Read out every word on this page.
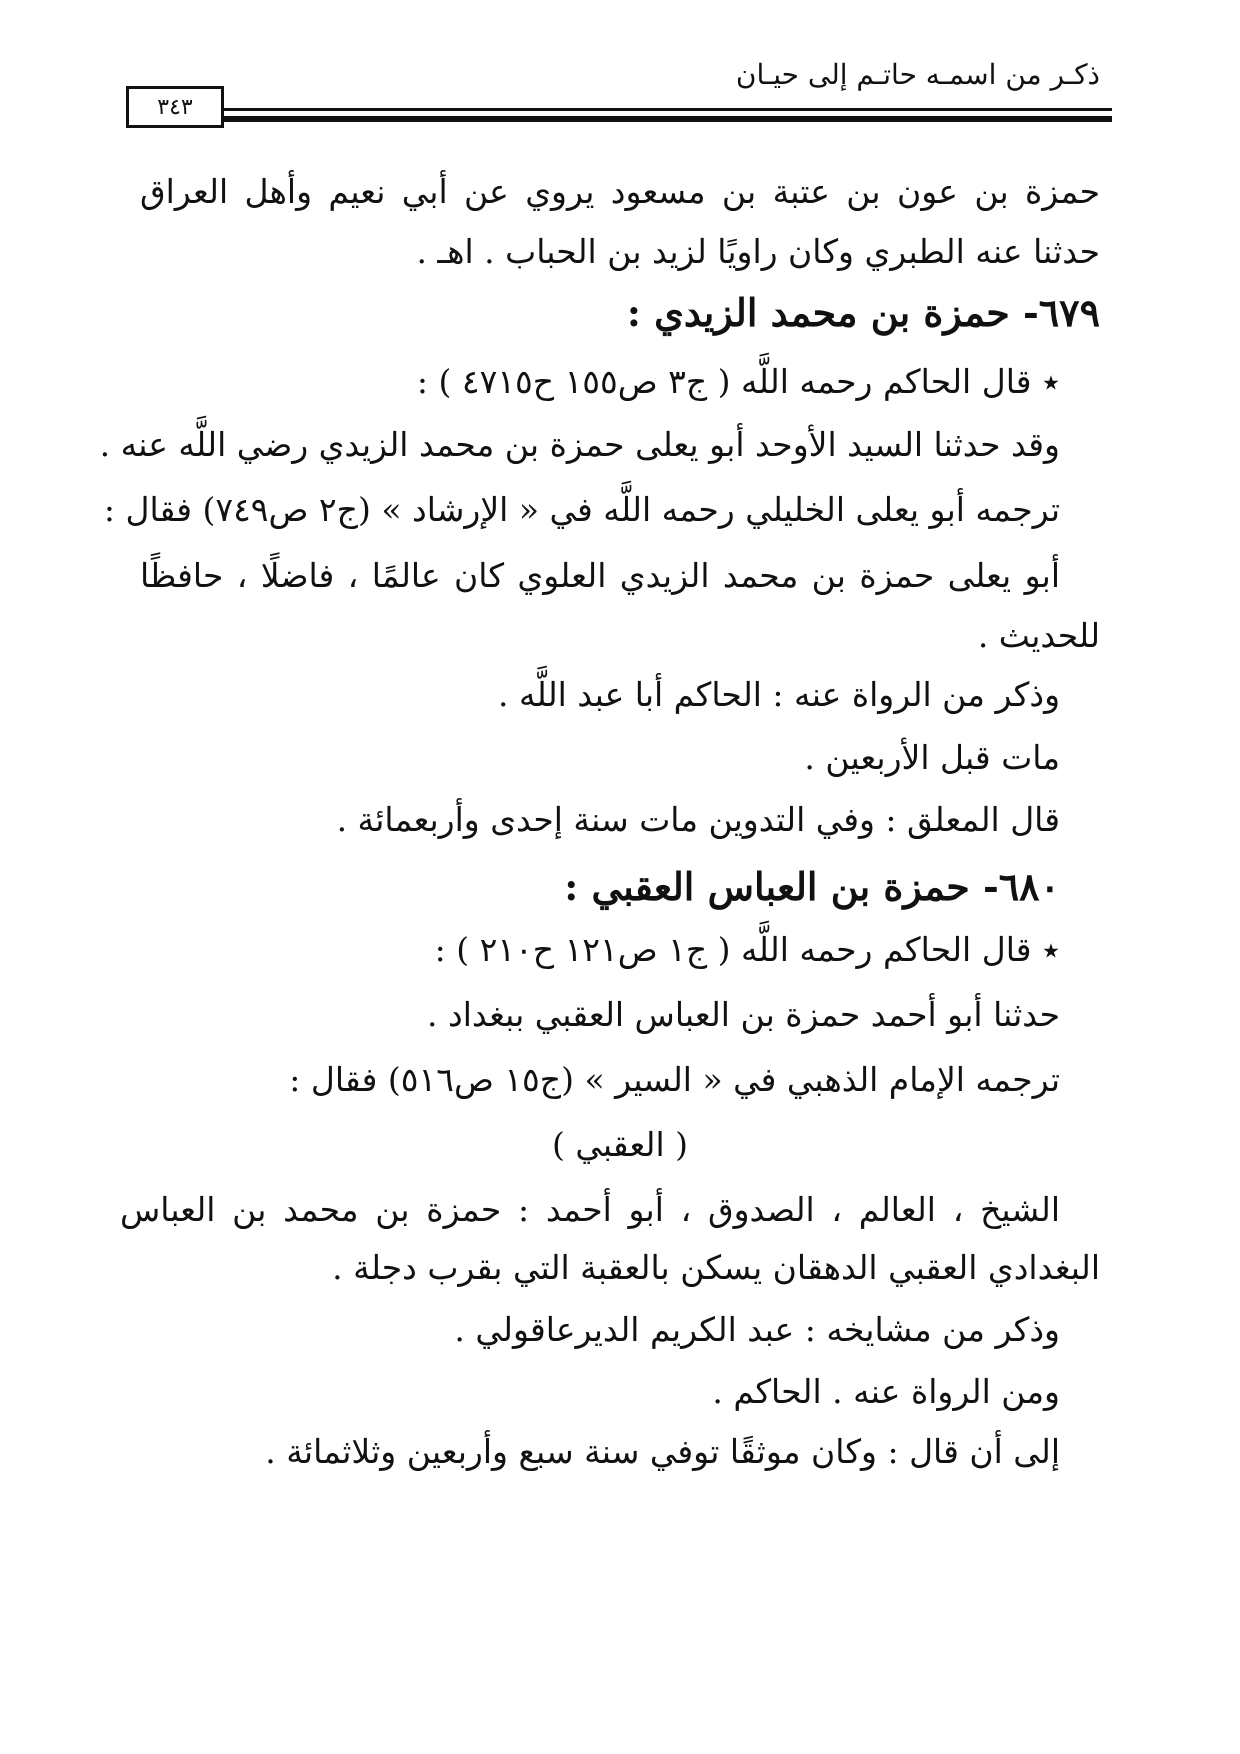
ذكـر من اسمـه حاتـم إلى حيـان
٣٤٣
حمزة بن عون بن عتبة بن مسعود يروي عن أبي نعيم وأهل العراق
حدثنا عنه الطبري وكان راويًا لزيد بن الحباب . اهـ .
٦٧٩- حمزة بن محمد الزيدي :
٭ قال الحاكم رحمه اللَّه ( ج٣ ص١٥٥ ح٤٧١٥ ) :
وقد حدثنا السيد الأوحد أبو يعلى حمزة بن محمد الزيدي رضي اللَّه عنه .
ترجمه أبو يعلى الخليلي رحمه اللَّه في « الإرشاد » (ج٢ ص٧٤٩) فقال :
أبو يعلى حمزة بن محمد الزيدي العلوي كان عالمًا ، فاضلًا ، حافظًا
للحديث .
وذكر من الرواة عنه : الحاكم أبا عبد اللَّه .
مات قبل الأربعين .
قال المعلق : وفي التدوين مات سنة إحدى وأربعمائة .
٦٨٠- حمزة بن العباس العقبي :
٭ قال الحاكم رحمه اللَّه ( ج١ ص١٢١ ح٢١٠ ) :
حدثنا أبو أحمد حمزة بن العباس العقبي ببغداد .
ترجمه الإمام الذهبي في « السير » (ج١٥ ص٥١٦) فقال :
( العقبي )
الشيخ ، العالم ، الصدوق ، أبو أحمد : حمزة بن محمد بن العباس
البغدادي العقبي الدهقان يسكن بالعقبة التي بقرب دجلة .
وذكر من مشايخه : عبد الكريم الديرعاقولي .
ومن الرواة عنه . الحاكم .
إلى أن قال : وكان موثقًا توفي سنة سبع وأربعين وثلاثمائة .
